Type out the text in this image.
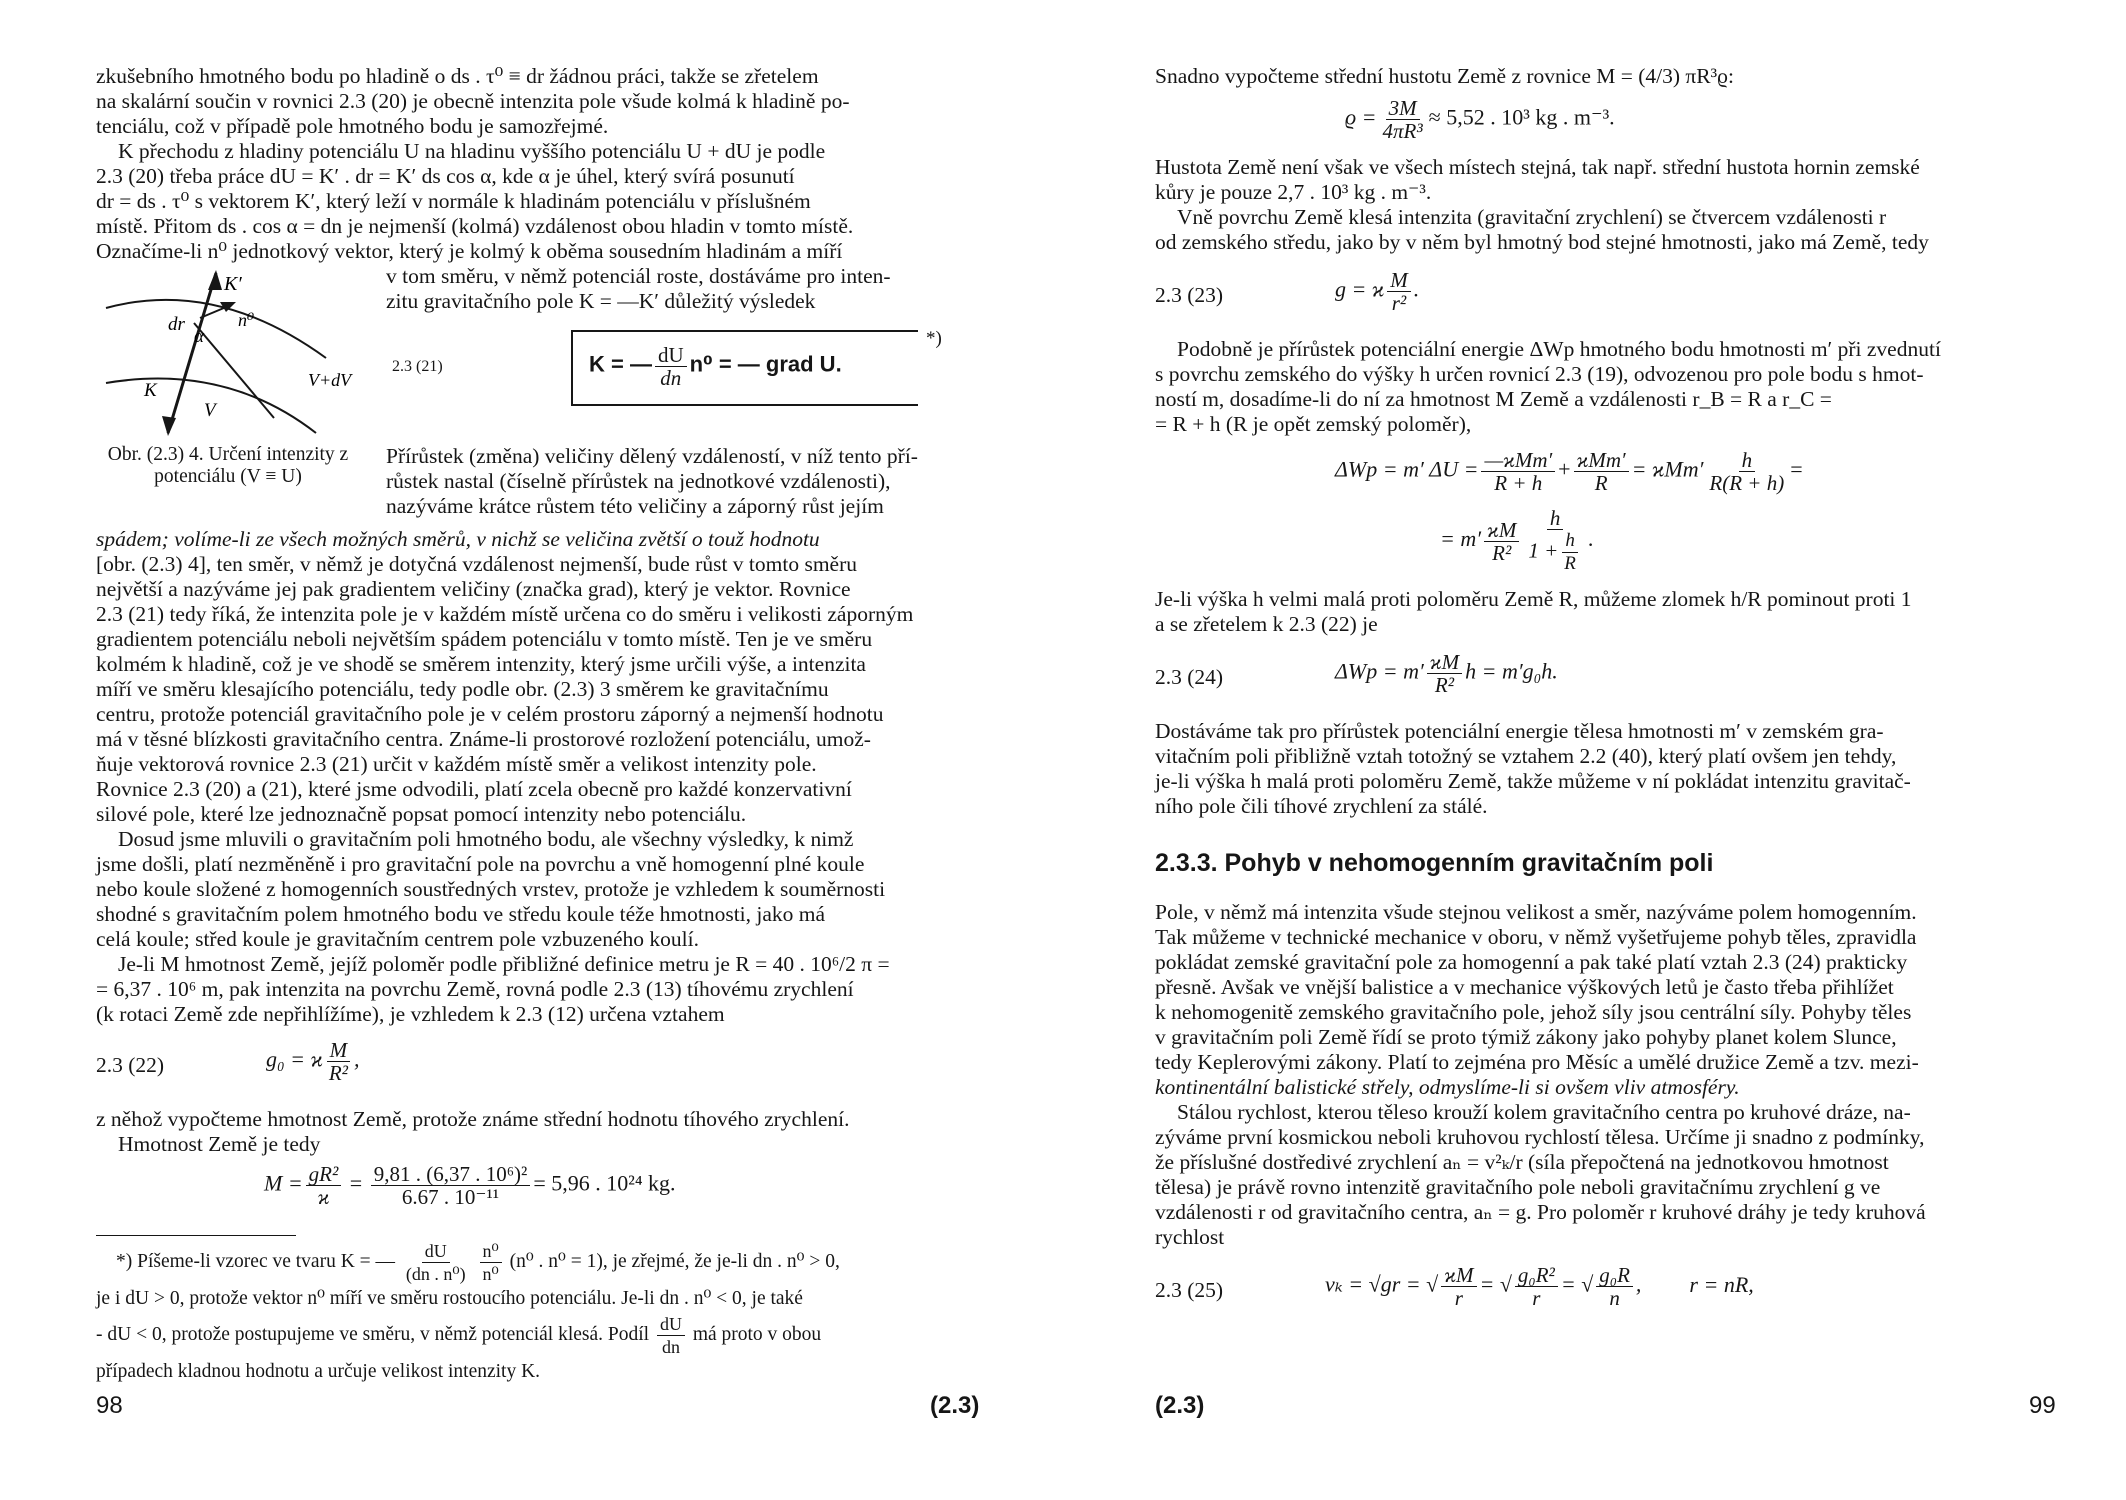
zkušebního hmotného bodu po hladině o ds . τ⁰ ≡ dr žádnou práci, takže se zřetelem

na skalární součin v rovnici 2.3 (20) je obecně intenzita pole všude kolmá k hladině po-

tenciálu, což v případě pole hmotného bodu je samozřejmé.

K přechodu z hladiny potenciálu U na hladinu vyššího potenciálu U + dU je podle

2.3 (20) třeba práce dU = K′ . dr = K′ ds cos α, kde α je úhel, který svírá posunutí

dr = ds . τ⁰ s vektorem K′, který leží v normále k hladinám potenciálu v příslušném

místě. Přitom ds . cos α = dn je nejmenší (kolmá) vzdálenost obou hladin v tomto místě.

Označíme-li n⁰ jednotkový vektor, který je kolmý k oběma sousedním hladinám a míří

K′
dr
α
n⁰
K
V
V+dV

v tom směru, v němž potenciál roste, dostáváme pro inten-

zitu gravitačního pole K = —K′ důležitý výsledek

2.3 (21)	K = — $\frac{dU}{dn} n^0$ = — grad U.
*)
Obr. (2.3) 4. Určení intenzity z potenciálu (V ≡ U)

Přírůstek (změna) veličiny dělený vzdáleností, v níž tento pří-

růstek nastal (číselně přírůstek na jednotkové vzdálenosti),

nazýváme krátce růstem této veličiny a záporný růst jejím

spádem; volíme-li ze všech možných směrů, v nichž se veličina zvětší o touž hodnotu

[obr. (2.3) 4], ten směr, v němž je dotyčná vzdálenost nejmenší, bude růst v tomto směru

největší a nazýváme jej pak gradientem veličiny (značka grad), který je vektor. Rovnice

2.3 (21) tedy říká, že intenzita pole je v každém místě určena co do směru i velikosti záporným

gradientem potenciálu neboli největším spádem potenciálu v tomto místě. Ten je ve směru

kolmém k hladině, což je ve shodě se směrem intenzity, který jsme určili výše, a intenzita

míří ve směru klesajícího potenciálu, tedy podle obr. (2.3) 3 směrem ke gravitačnímu

centru, protože potenciál gravitačního pole je v celém prostoru záporný a nejmenší hodnotu

má v těsné blízkosti gravitačního centra. Známe-li prostorové rozložení potenciálu, umož-

ňuje vektorová rovnice 2.3 (21) určit v každém místě směr a velikost intenzity pole.

Rovnice 2.3 (20) a (21), které jsme odvodili, platí zcela obecně pro každé konzervativní

silové pole, které lze jednoznačně popsat pomocí intenzity nebo potenciálu.

Dosud jsme mluvili o gravitačním poli hmotného bodu, ale všechny výsledky, k nimž

jsme došli, platí nezměněně i pro gravitační pole na povrchu a vně homogenní plné koule

nebo koule složené z homogenních soustředných vrstev, protože je vzhledem k souměrnosti

shodné s gravitačním polem hmotného bodu ve středu koule téže hmotnosti, jako má

celá koule; střed koule je gravitačním centrem pole vzbuzeného koulí.

Je-li M hmotnost Země, jejíž poloměr podle přibližné definice metru je R = 40 . 10⁶/2 π =

= 6,37 . 10⁶ m, pak intenzita na povrchu Země, rovná podle 2.3 (13) tíhovému zrychlení

(k rotaci Země zde nepřihlížíme), je vzhledem k 2.3 (12) určena vztahem

2.3 (22)	g₀ = ϰ $\frac{M}{\text{R²}}$ ,

z něhož vypočteme hmotnost Země, protože známe střední hodnotu tíhového zrychlení.

Hmotnost Země je tedy

$M = \frac{\text{gR²}}{ϰ} = \frac{\text{9,81 . (6,37 . 10⁶)²}}{\text{6.67 . 10⁻¹¹}} = 5,96$ . 10²⁴ kg.
*) Píšeme-li vzorec ve tvaru K = — $\frac{dU}{\text{(dn . n⁰)}}$
$\frac{\text{n⁰}}{\text{n⁰}} (n^0$ . n⁰ = 1), je zřejmé, že je-li dn . n⁰ > 0,
je i dU > 0, protože vektor n⁰ míří ve směru rostoucího potenciálu. Je-li dn . n⁰ < 0, je také
- dU < 0, protože postupujeme ve směru, v němž potenciál klesá. Podíl $\frac{dU}{dn}$ má proto v obou
případech kladnou hodnotu a určuje velikost intenzity K.
98	(2.3)

Snadno vypočteme střední hustotu Země z rovnice M = (4/3) πR³ϱ:

$ϱ = \frac{3M}{\text{4πR³}} \approx 5,52$ . 10³ kg . m⁻³.

Hustota Země není však ve všech místech stejná, tak např. střední hustota hornin zemské

kůry je pouze 2,7 . 10³ kg . m⁻³.

Vně povrchu Země klesá intenzita (gravitační zrychlení) se čtvercem vzdálenosti r

od zemského středu, jako by v něm byl hmotný bod stejné hmotnosti, jako má Země, tedy

2.3 (23)	g = ϰ $\frac{M}{\text{r²}}$ .

Podobně je přírůstek potenciální energie ΔWp hmotného bodu hmotnosti m′ při zvednutí

s povrchu zemského do výšky h určen rovnicí 2.3 (19), odvozenou pro pole bodu s hmot-

ností m, dosadíme-li do ní za hmotnost M Země a vzdálenosti r_B = R a r_C =

= R + h (R je opět zemský poloměr),

ΔWp = m′ $\Delta U = \frac{\text{—ϰMm′}}{R + h} + \frac{\text{ϰMm′}}{R} = ϰMm' \frac{h}{R(R + h)}$ =
= $m' \frac{ϰM}{\text{R²}} \frac{h}{1 + \frac{h}{R}}$ .

Je-li výška h velmi malá proti poloměru Země R, můžeme zlomek h/R pominout proti 1

a se zřetelem k 2.3 (22) je

2.3 (24)	$\Delta Wp = m' \frac{ϰM}{\text{R²}}$ h = m′g₀h.

Dostáváme tak pro přírůstek potenciální energie tělesa hmotnosti m′ v zemském gra-

vitačním poli přibližně vztah totožný se vztahem 2.2 (40), který platí ovšem jen tehdy,

je-li výška h malá proti poloměru Země, takže můžeme v ní pokládat intenzitu gravitač-

ního pole čili tíhové zrychlení za stálé.

2.3.3. Pohyb v nehomogenním gravitačním poli

Pole, v němž má intenzita všude stejnou velikost a směr, nazýváme polem homogenním.

Tak můžeme v technické mechanice v oboru, v němž vyšetřujeme pohyb těles, zpravidla

pokládat zemské gravitační pole za homogenní a pak také platí vztah 2.3 (24) prakticky

přesně. Avšak ve vnější balistice a v mechanice výškových letů je často třeba přihlížet

k nehomogenitě zemského gravitačního pole, jehož síly jsou centrální síly. Pohyby těles

v gravitačním poli Země řídí se proto týmiž zákony jako pohyby planet kolem Slunce,

tedy Keplerovými zákony. Platí to zejména pro Měsíc a umělé družice Země a tzv. mezi-

kontinentální balistické střely, odmyslíme-li si ovšem vliv atmosféry.

Stálou rychlost, kterou těleso krouží kolem gravitačního centra po kruhové dráze, na-

zýváme první kosmickou neboli kruhovou rychlostí tělesa. Určíme ji snadno z podmínky,

že příslušné dostředivé zrychlení aₙ = v²ₖ/r (síla přepočtená na jednotkovou hmotnost

tělesa) je právě rovno intenzitě gravitačního pole neboli gravitačnímu zrychlení g ve

vzdálenosti r od gravitačního centra, aₙ = g. Pro poloměr r kruhové dráhy je tedy kruhová

rychlost

2.3 (25)	vₖ = √gr = √ $\frac{ϰM}{r}$ = √ $\frac{\text{g₀R²}}{r}$ = √ $\frac{\text{g₀R}}{n}$ , r = nR,
(2.3)	99
